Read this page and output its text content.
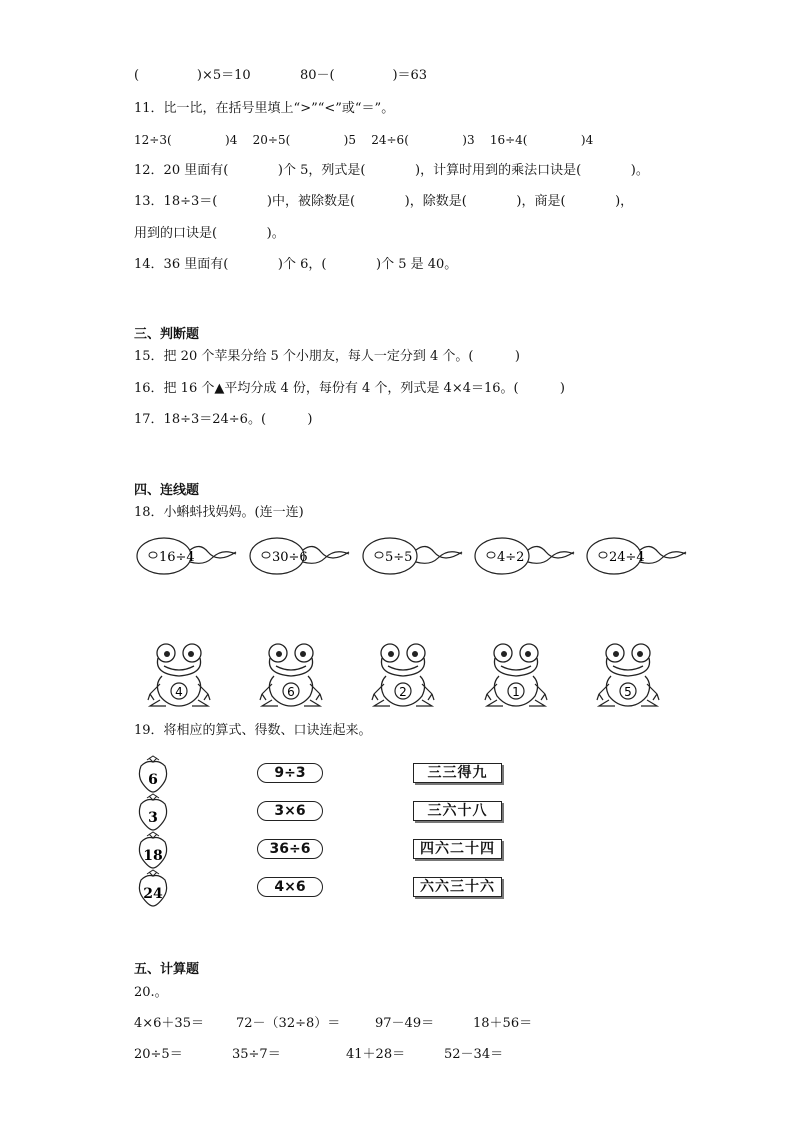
(              )×5＝10	80－(              )＝63
11．比一比，在括号里填上“>”“<”或“＝”。
12÷3(              )4    20÷5(              )5    24÷6(              )3    16÷4(              )4
12．20 里面有(            )个 5，列式是(            )，计算时用到的乘法口诀是(            )。
13．18÷3＝(            )中，被除数是(            )，除数是(            )，商是(            )，
用到的口诀是(            )。
14．36 里面有(            )个 6，(            )个 5 是 40。
三、判断题
15．把 20 个苹果分给 5 个小朋友，每人一定分到 4 个。(          )
16．把 16 个▲平均分成 4 份，每份有 4 个，列式是 4×4＝16。(          )
17．18÷3＝24÷6。(          )
四、连线题
18．小蝌蚪找妈妈。(连一连)
16÷4	30÷6	5÷5	4÷2	24÷4
4	6	2	1	5
19．将相应的算式、得数、口诀连起来。
6
3
18
24
9÷3
3×6
36÷6
4×6
三三得九
三六十八
四六二十四
六六三十六
五、计算题
20.。
4×6＋35＝ 72－（32÷8）＝	97－49＝	18＋56＝
20÷5＝	35÷7＝	41＋28＝	52－34＝
